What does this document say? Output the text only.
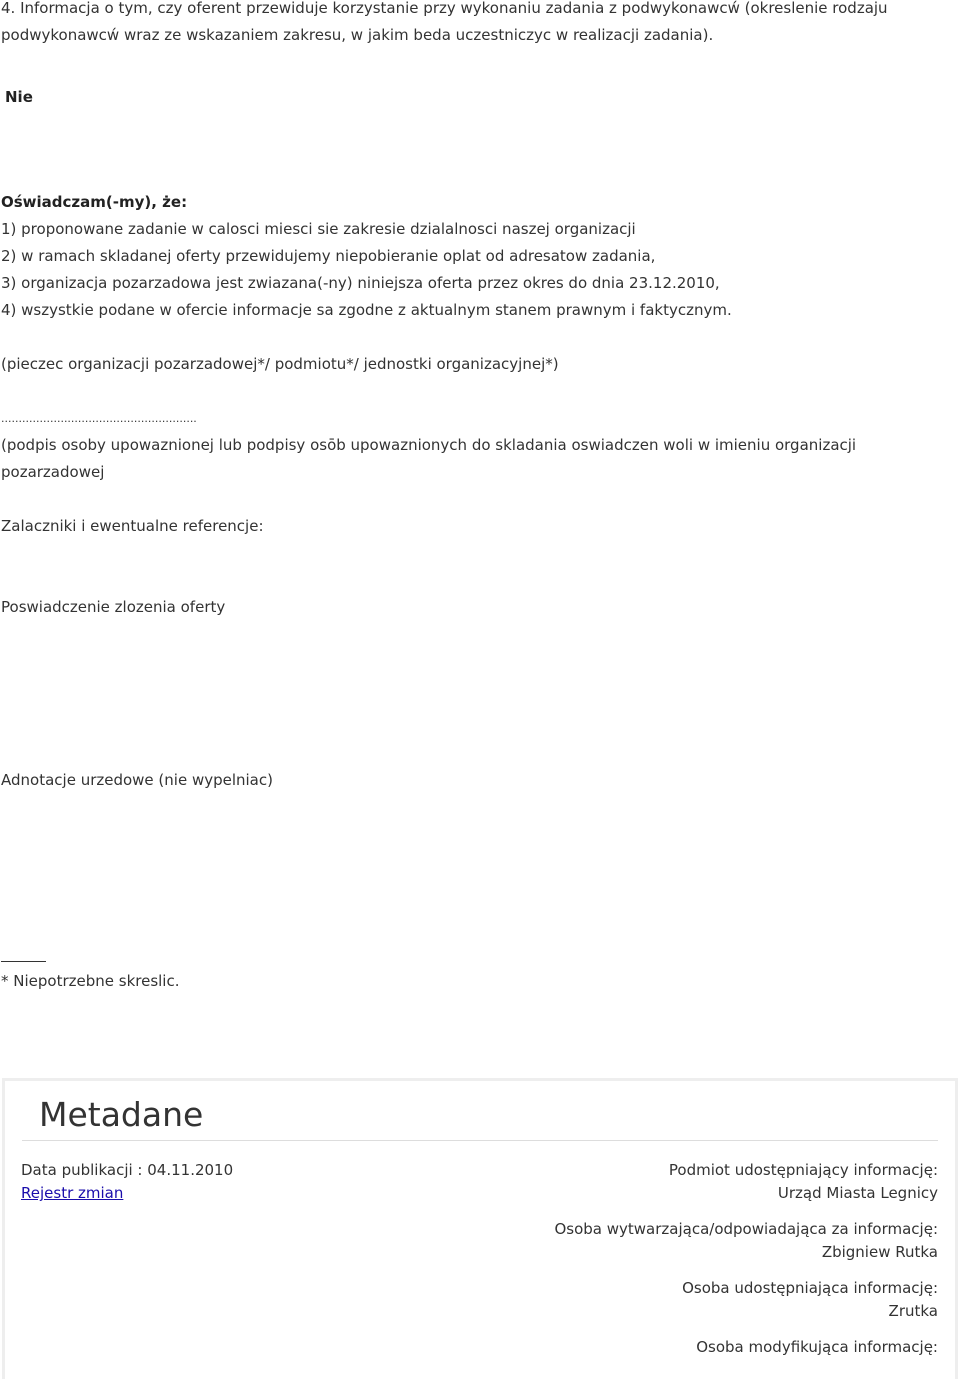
4. Informacja o tym, czy oferent przewiduje korzystanie przy wykonaniu zadania z podwykonawcẃ (okreslenie rodzaju
podwykonawcẃ wraz ze wskazaniem zakresu, w jakim beda uczestniczyc w realizacji zadania).
Nie
Oświadczam(-my), że:
1) proponowane zadanie w calosci miesci sie zakresie dzialalnosci naszej organizacji
2) w ramach skladanej oferty przewidujemy niepobieranie oplat od adresatow zadania,
3) organizacja pozarzadowa jest zwiazana(-ny) niniejsza oferta przez okres do dnia 23.12.2010,
4) wszystkie podane w ofercie informacje sa zgodne z aktualnym stanem prawnym i faktycznym.
(pieczec organizacji pozarzadowej*/ podmiotu*/ jednostki organizacyjnej*)
........................................................
(podpis osoby upowaznionej lub podpisy osōb upowaznionych do skladania oswiadczen woli w imieniu organizacji
pozarzadowej
Zalaczniki i ewentualne referencje:
Poswiadczenie zlozenia oferty
Adnotacje urzedowe (nie wypelniac)
* Niepotrzebne skreslic.
Metadane
Data publikacji : 04.11.2010
Rejestr zmian
Podmiot udostępniający informację:
Urząd Miasta Legnicy
Osoba wytwarzająca/odpowiadająca za informację:
Zbigniew Rutka
Osoba udostępniająca informację:
Zrutka
Osoba modyfikująca informację:
